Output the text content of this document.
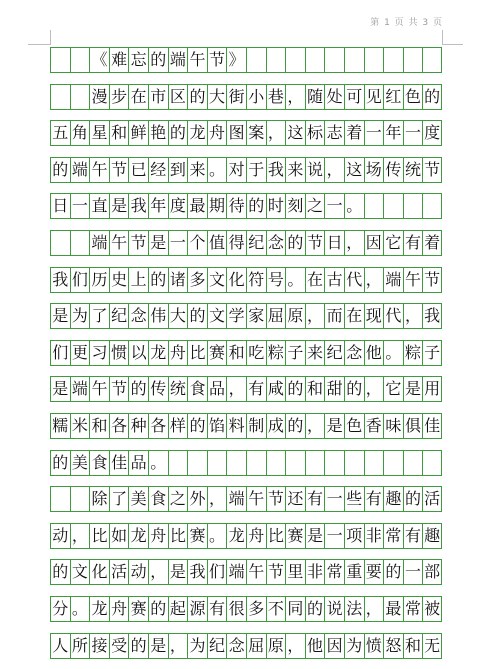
第 1 页 共 3 页
《 难 忘 的 端 午 节 》
漫 步 在 市 区 的 大 街 小 巷 ， 随 处 可 见 红 色 的
五 角 星 和 鲜 艳 的 龙 舟 图 案 ， 这 标 志 着 一 年 一 度
的 端 午 节 已 经 到 来 。 对 于 我 来 说 ， 这 场 传 统 节
日 一 直 是 我 年 度 最 期 待 的 时 刻 之 一 。
端 午 节 是 一 个 值 得 纪 念 的 节 日 ， 因 它 有 着
我 们 历 史 上 的 诸 多 文 化 符 号 。 在 古 代 ， 端 午 节
是 为 了 纪 念 伟 大 的 文 学 家 屈 原 ， 而 在 现 代 ， 我
们 更 习 惯 以 龙 舟 比 赛 和 吃 粽 子 来 纪 念 他 。 粽 子
是 端 午 节 的 传 统 食 品 ， 有 咸 的 和 甜 的 ， 它 是 用
糯 米 和 各 种 各 样 的 馅 料 制 成 的 ， 是 色 香 味 俱 佳
的 美 食 佳 品 。
除 了 美 食 之 外 ， 端 午 节 还 有 一 些 有 趣 的 活
动 ， 比 如 龙 舟 比 赛 。 龙 舟 比 赛 是 一 项 非 常 有 趣
的 文 化 活 动 ， 是 我 们 端 午 节 里 非 常 重 要 的 一 部
分 。 龙 舟 赛 的 起 源 有 很 多 不 同 的 说 法 ， 最 常 被
人 所 接 受 的 是 ， 为 纪 念 屈 原 ， 他 因 为 愤 怒 和 无
